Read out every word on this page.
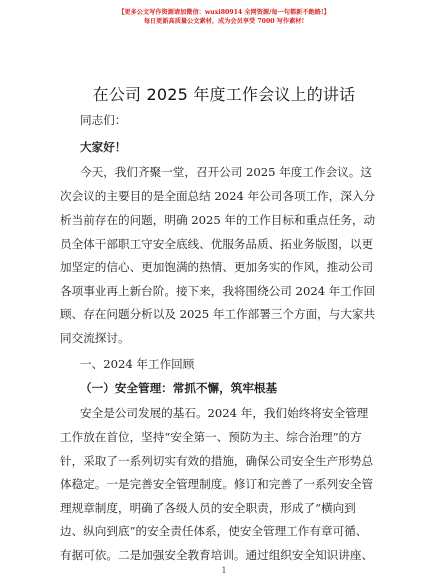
【更多公文写作资源请加微信：wuxi80914 全网资源/每一句都新不跑路!】
每日更新高质量公文素材，成为会员享受 7000 写作素材!
在公司 2025 年度工作会议上的讲话
同志们：
大家好！
今天，我们齐聚一堂，召开公司 2025 年度工作会议。这
次会议的主要目的是全面总结 2024 年公司各项工作，深入分
析当前存在的问题，明确 2025 年的工作目标和重点任务，动
员全体干部职工守安全底线、优服务品质、拓业务版图，以更
加坚定的信心、更加饱满的热情、更加务实的作风，推动公司
各项事业再上新台阶。接下来，我将围绕公司 2024 年工作回
顾、存在问题分析以及 2025 年工作部署三个方面，与大家共
同交流探讨。
一、2024 年工作回顾
（一）安全管理：常抓不懈，筑牢根基
安全是公司发展的基石。2024 年，我们始终将安全管理
工作放在首位，坚持“安全第一、预防为主、综合治理”的方
针，采取了一系列切实有效的措施，确保公司安全生产形势总
体稳定。一是完善安全管理制度。修订和完善了一系列安全管
理规章制度，明确了各级人员的安全职责，形成了“横向到
边、纵向到底”的安全责任体系，使安全管理工作有章可循、
有据可依。二是加强安全教育培训。通过组织安全知识讲座、
1
